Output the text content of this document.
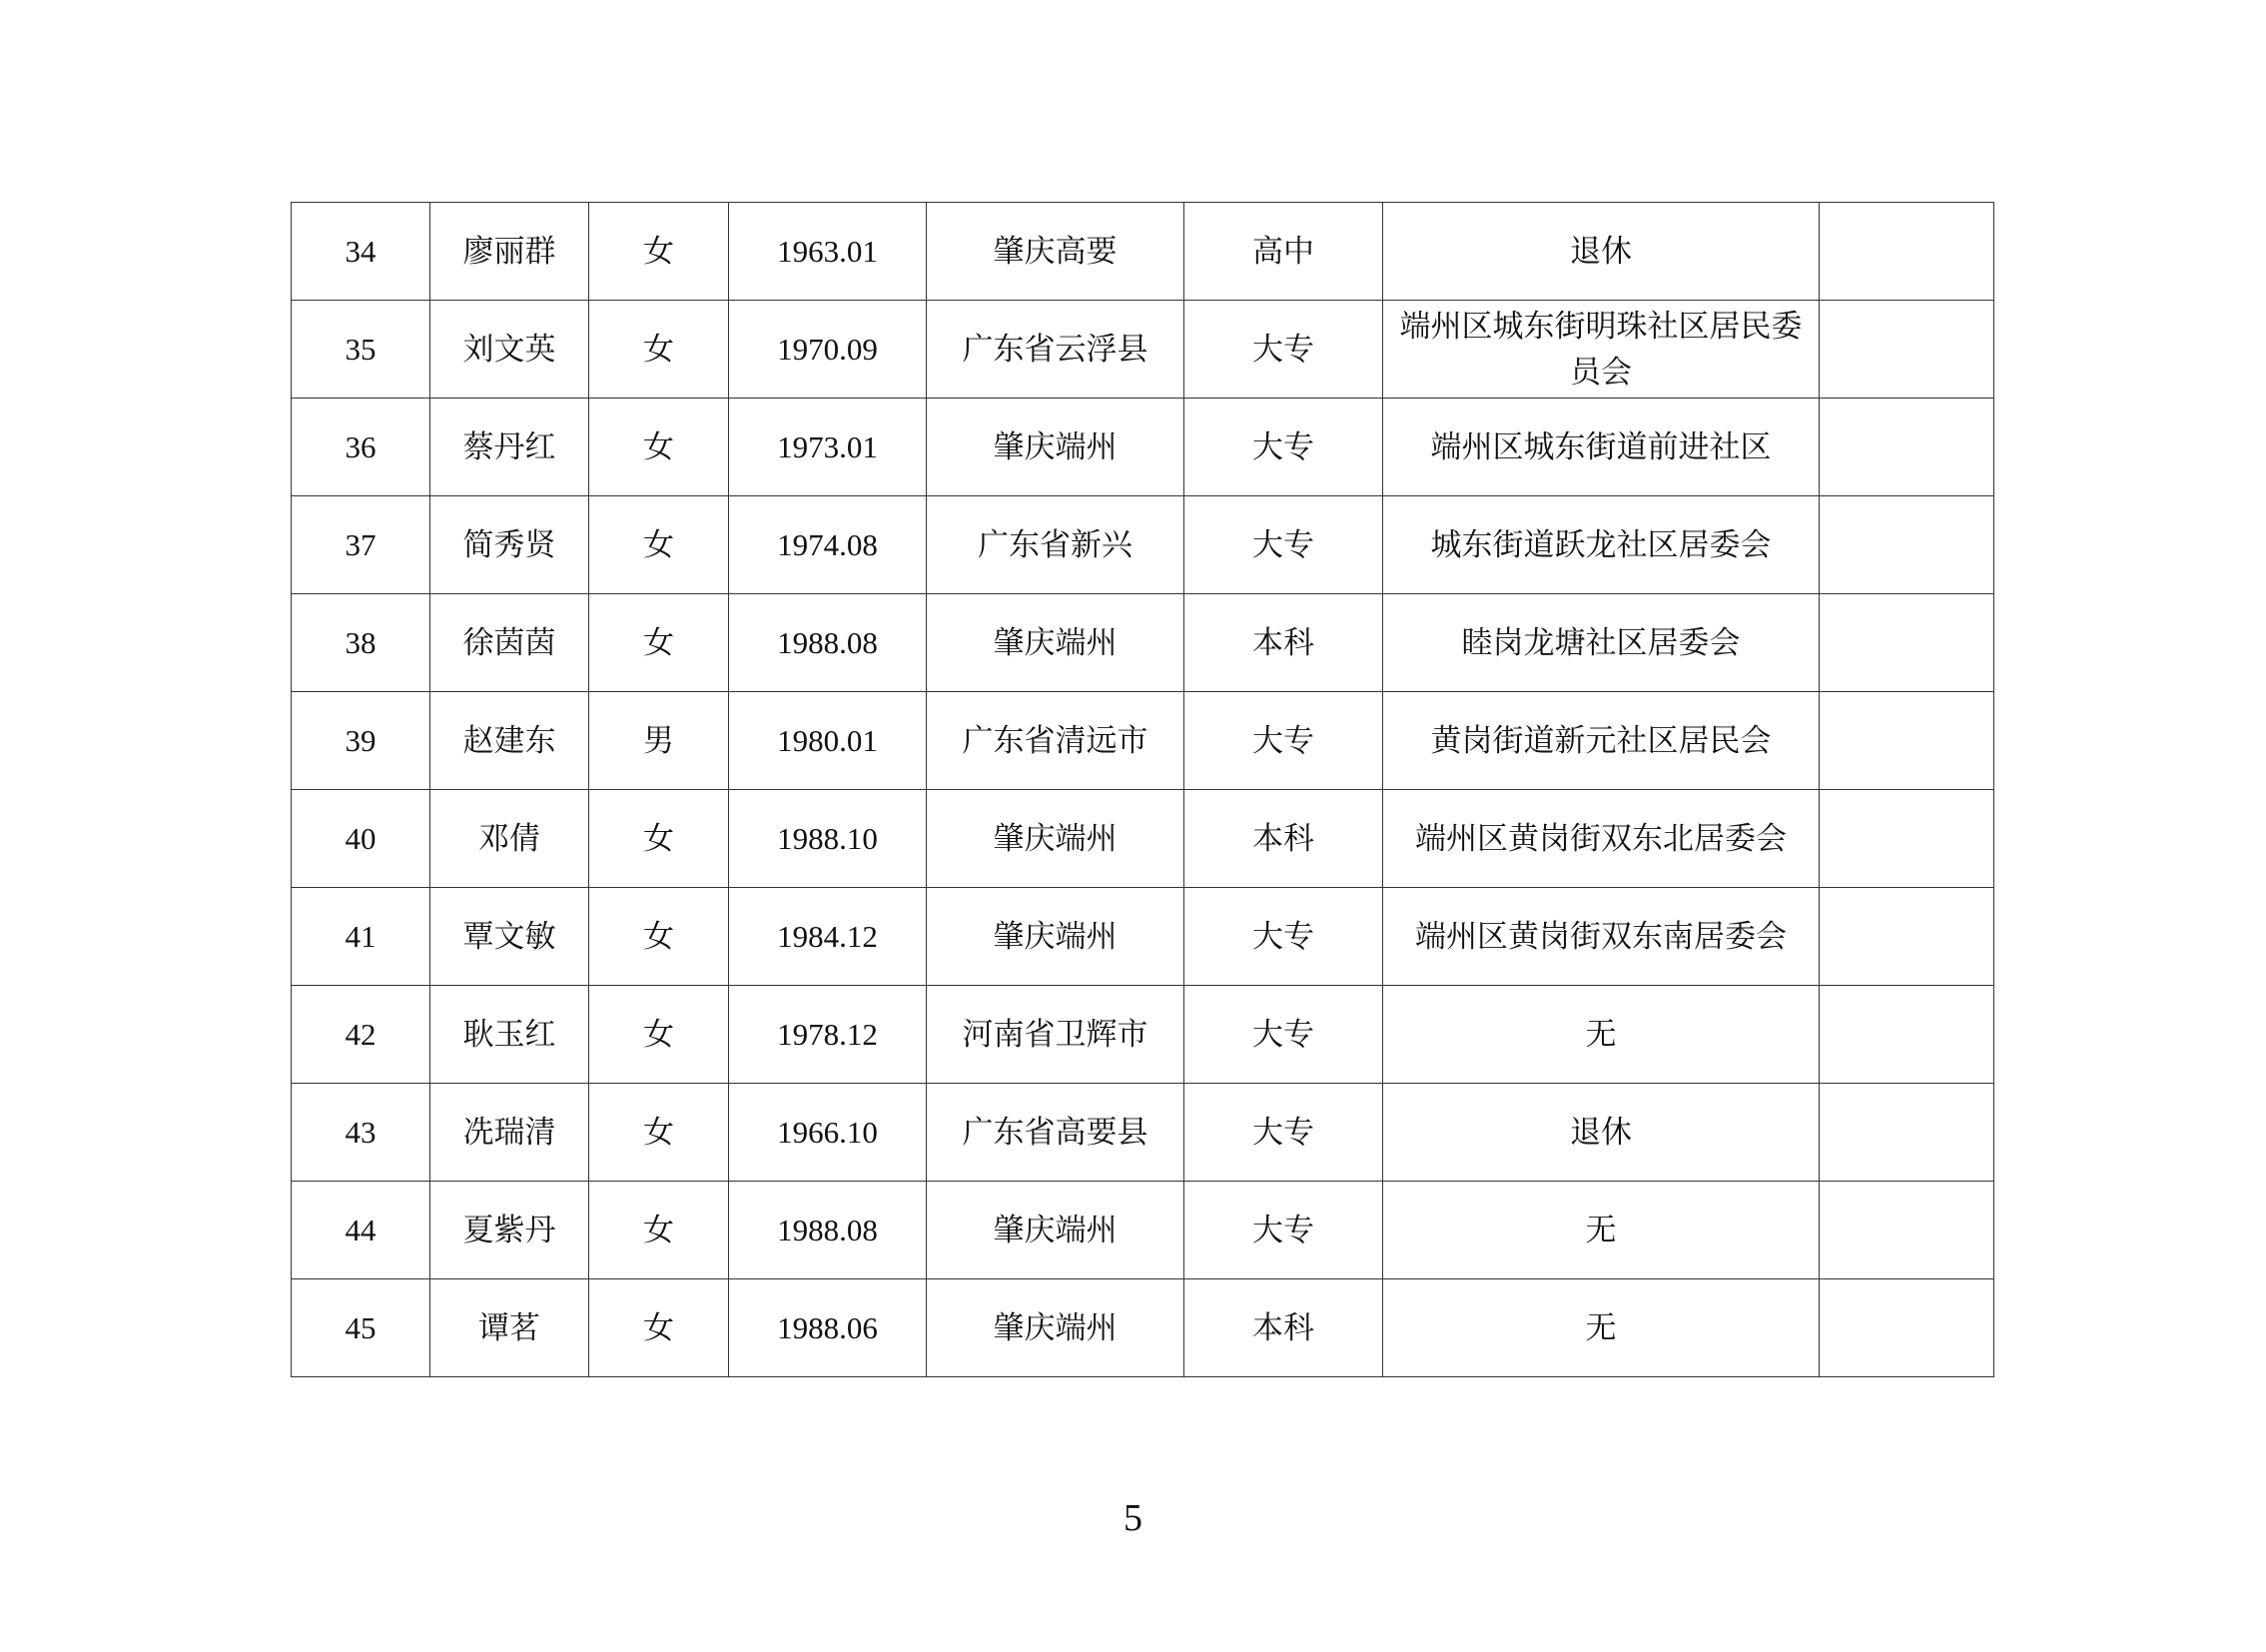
34	廖丽群	女	1963.01	肇庆高要	高中	退休	
35	刘文英	女	1970.09	广东省云浮县	大专	端州区城东街明珠社区居民委员会	
36	蔡丹红	女	1973.01	肇庆端州	大专	端州区城东街道前进社区	
37	简秀贤	女	1974.08	广东省新兴	大专	城东街道跃龙社区居委会	
38	徐茵茵	女	1988.08	肇庆端州	本科	睦岗龙塘社区居委会	
39	赵建东	男	1980.01	广东省清远市	大专	黄岗街道新元社区居民会	
40	邓倩	女	1988.10	肇庆端州	本科	端州区黄岗街双东北居委会	
41	覃文敏	女	1984.12	肇庆端州	大专	端州区黄岗街双东南居委会	
42	耿玉红	女	1978.12	河南省卫辉市	大专	无	
43	冼瑞清	女	1966.10	广东省高要县	大专	退休	
44	夏紫丹	女	1988.08	肇庆端州	大专	无	
45	谭茗	女	1988.06	肇庆端州	本科	无	
5
